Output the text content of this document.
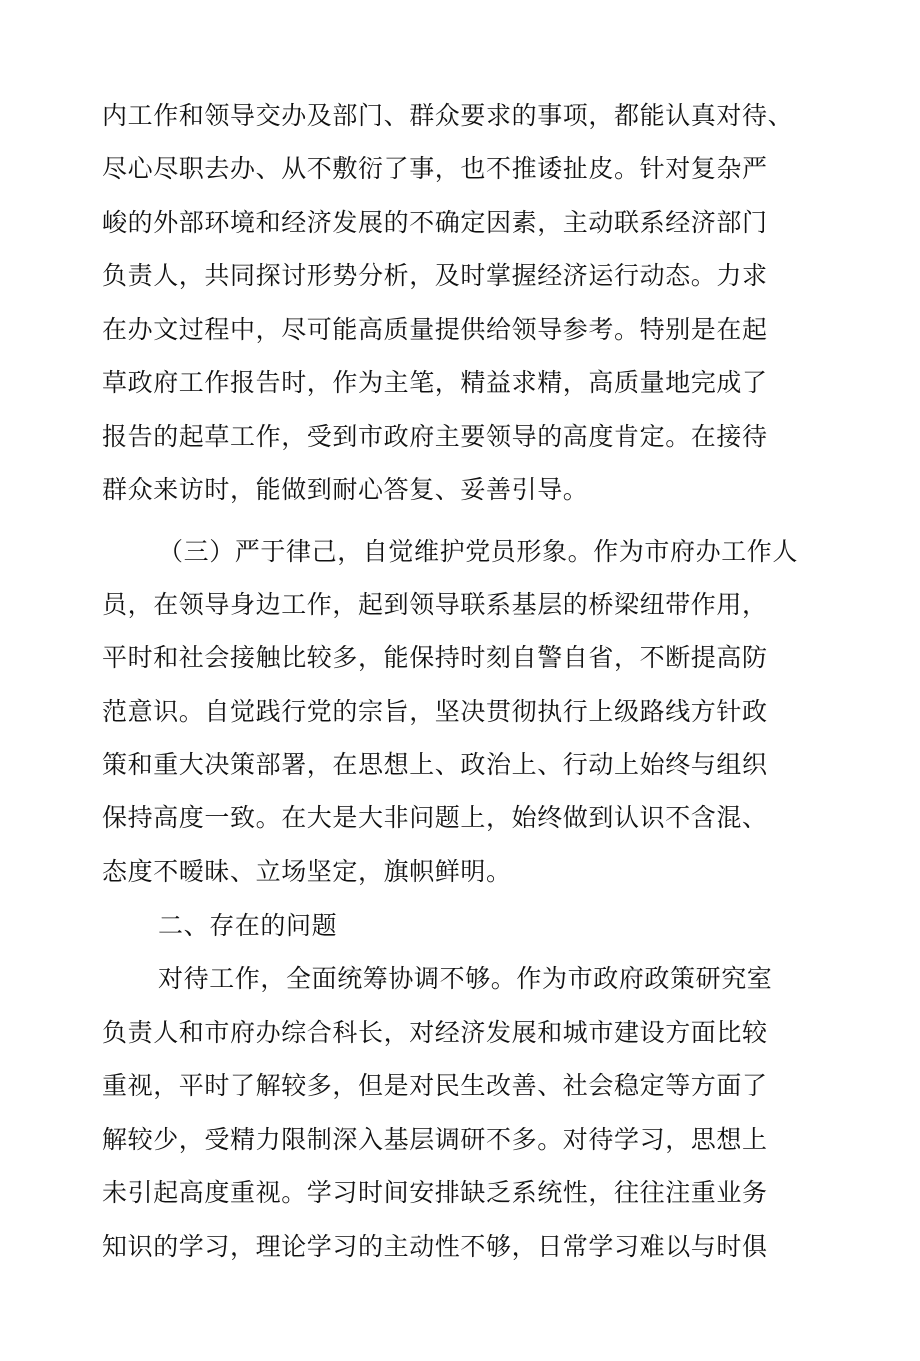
内工作和领导交办及部门、群众要求的事项，都能认真对待、
尽心尽职去办、从不敷衍了事，也不推诿扯皮。针对复杂严
峻的外部环境和经济发展的不确定因素，主动联系经济部门
负责人，共同探讨形势分析，及时掌握经济运行动态。力求
在办文过程中，尽可能高质量提供给领导参考。特别是在起
草政府工作报告时，作为主笔，精益求精，高质量地完成了
报告的起草工作，受到市政府主要领导的高度肯定。在接待
群众来访时，能做到耐心答复、妥善引导。
（三）严于律己，自觉维护党员形象。作为市府办工作人
员，在领导身边工作，起到领导联系基层的桥梁纽带作用，
平时和社会接触比较多，能保持时刻自警自省，不断提高防
范意识。自觉践行党的宗旨，坚决贯彻执行上级路线方针政
策和重大决策部署，在思想上、政治上、行动上始终与组织
保持高度一致。在大是大非问题上，始终做到认识不含混、
态度不暧昧、立场坚定，旗帜鲜明。
二、存在的问题
对待工作，全面统筹协调不够。作为市政府政策研究室
负责人和市府办综合科长，对经济发展和城市建设方面比较
重视，平时了解较多，但是对民生改善、社会稳定等方面了
解较少，受精力限制深入基层调研不多。对待学习，思想上
未引起高度重视。学习时间安排缺乏系统性，往往注重业务
知识的学习，理论学习的主动性不够，日常学习难以与时俱
